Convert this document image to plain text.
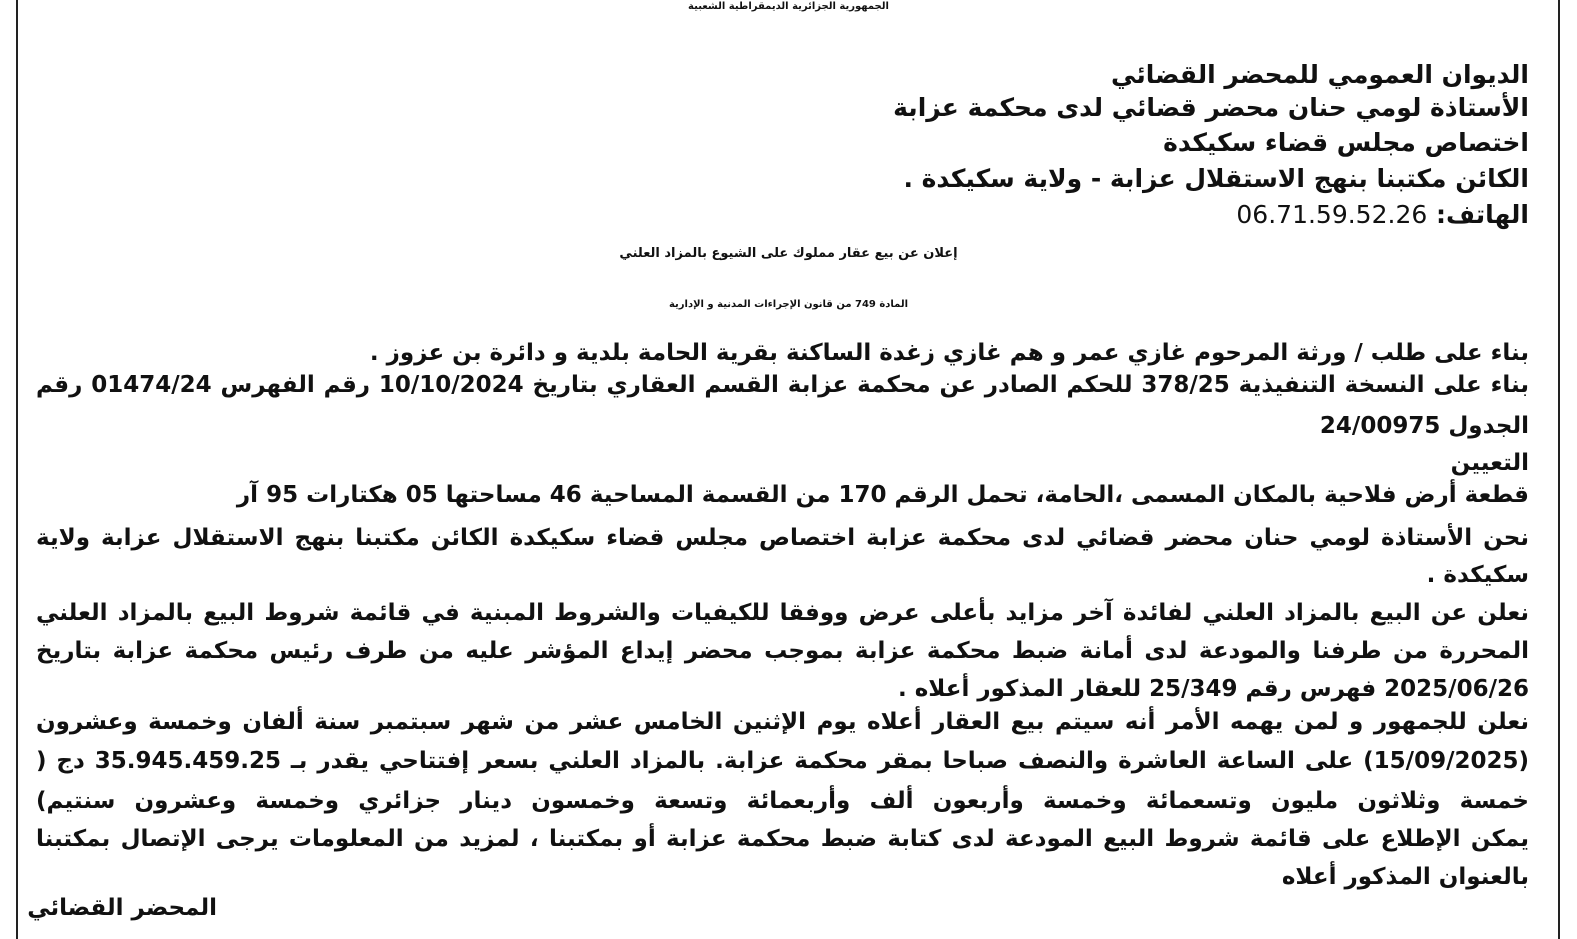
الجمهورية الجزائرية الديمقراطية الشعبية

الديوان العمومي للمحضر القضائي

الأستاذة لومي حنان محضر قضائي لدى محكمة عزابة

اختصاص مجلس قضاء سكيكدة

الكائن مكتبنا بنهج الاستقلال عزابة - ولاية سكيكدة .

الهاتف: 06.71.59.52.26

إعلان عن بيع عقار مملوك على الشيوع بالمزاد العلني

المادة 749 من قانون الإجراءات المدنية و الإدارية

بناء على طلب / ورثة المرحوم غازي عمر و هم غازي زغدة الساكنة بقرية الحامة بلدية و دائرة بن عزوز .

بناء على النسخة التنفيذية 378/25 للحكم الصادر عن محكمة عزابة القسم العقاري بتاريخ 10/10/2024 رقم الفهرس 01474/24 رقم

الجدول 24/00975

التعيين

قطعة أرض فلاحية بالمكان المسمى ،الحامة، تحمل الرقم 170 من القسمة المساحية 46 مساحتها 05 هكتارات 95 آر

نحن الأستاذة لومي حنان محضر قضائي لدى محكمة عزابة اختصاص مجلس قضاء سكيكدة الكائن مكتبنا بنهج الاستقلال عزابة ولاية

سكيكدة .

نعلن عن البيع بالمزاد العلني لفائدة آخر مزايد بأعلى عرض ووفقا للكيفيات والشروط المبنية في قائمة شروط البيع بالمزاد العلني

المحررة من طرفنا والمودعة لدى أمانة ضبط محكمة عزابة بموجب محضر إيداع المؤشر عليه من طرف رئيس محكمة عزابة بتاريخ

2025/06/26 فهرس رقم 25/349 للعقار المذكور أعلاه .

نعلن للجمهور و لمن يهمه الأمر أنه سيتم بيع العقار أعلاه يوم الإثنين الخامس عشر من شهر سبتمبر سنة ألفان وخمسة وعشرون

(15/09/2025) على الساعة العاشرة والنصف صباحا بمقر محكمة عزابة. بالمزاد العلني بسعر إفتتاحي يقدر بـ 35.945.459.25 دج (

خمسة وثلاثون مليون وتسعمائة وخمسة وأربعون ألف وأربعمائة وتسعة وخمسون دينار جزائري وخمسة وعشرون سنتيم)

يمكن الإطلاع على قائمة شروط البيع المودعة لدى كتابة ضبط محكمة عزابة أو بمكتبنا ، لمزيد من المعلومات يرجى الإتصال بمكتبنا

بالعنوان المذكور أعلاه

المحضر القضائي
